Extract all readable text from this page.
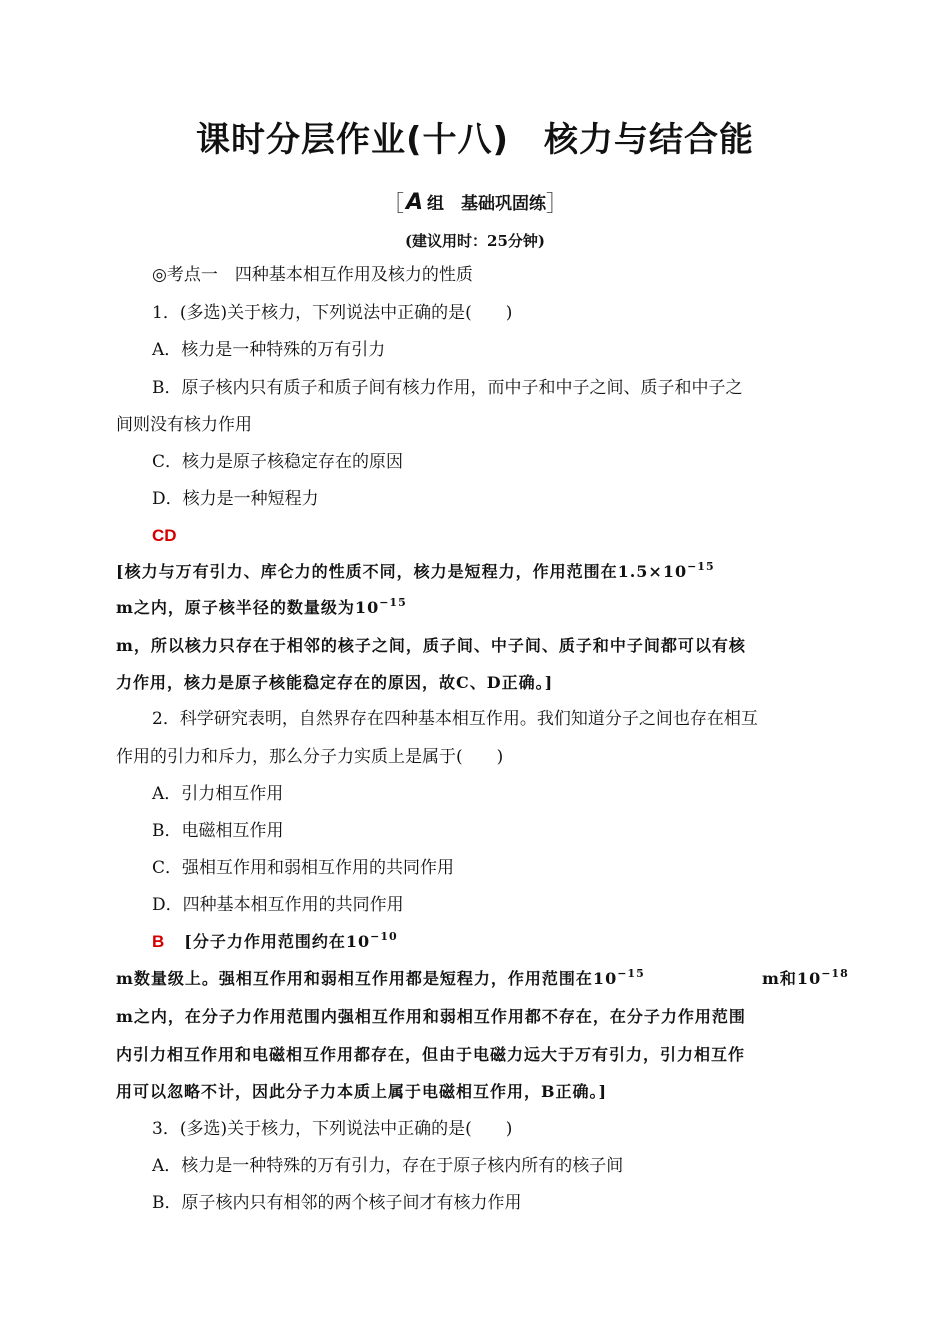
课时分层作业(十八)　核力与结合能
［A 组　基础巩固练］
(建议用时：25分钟)
◎考点一　四种基本相互作用及核力的性质
1．(多选)关于核力，下列说法中正确的是(　　)
A．核力是一种特殊的万有引力
B．原子核内只有质子和质子间有核力作用，而中子和中子之间、质子和中子之
间则没有核力作用
C．核力是原子核稳定存在的原因
D．核力是一种短程力
CD
[核力与万有引力、库仑力的性质不同，核力是短程力，作用范围在$1.5\times 10^{-15}$
m之内，原子核半径的数量级为$10^{-15}$
m，所以核力只存在于相邻的核子之间，质子间、中子间、质子和中子间都可以有核
力作用，核力是原子核能稳定存在的原因，故C、D正确。]
2．科学研究表明，自然界存在四种基本相互作用。我们知道分子之间也存在相互
作用的引力和斥力，那么分子力实质上是属于(　　)
A．引力相互作用
B．电磁相互作用
C．强相互作用和弱相互作用的共同作用
D．四种基本相互作用的共同作用
B [分子力作用范围约在$10^{-10}$
m数量级上。强相互作用和弱相互作用都是短程力，作用范围在$10^{-15}$	m和$10^{-18}$
m之内，在分子力作用范围内强相互作用和弱相互作用都不存在，在分子力作用范围
内引力相互作用和电磁相互作用都存在，但由于电磁力远大于万有引力，引力相互作
用可以忽略不计，因此分子力本质上属于电磁相互作用，B正确。]
3．(多选)关于核力，下列说法中正确的是(　　)
A．核力是一种特殊的万有引力，存在于原子核内所有的核子间
B．原子核内只有相邻的两个核子间才有核力作用
